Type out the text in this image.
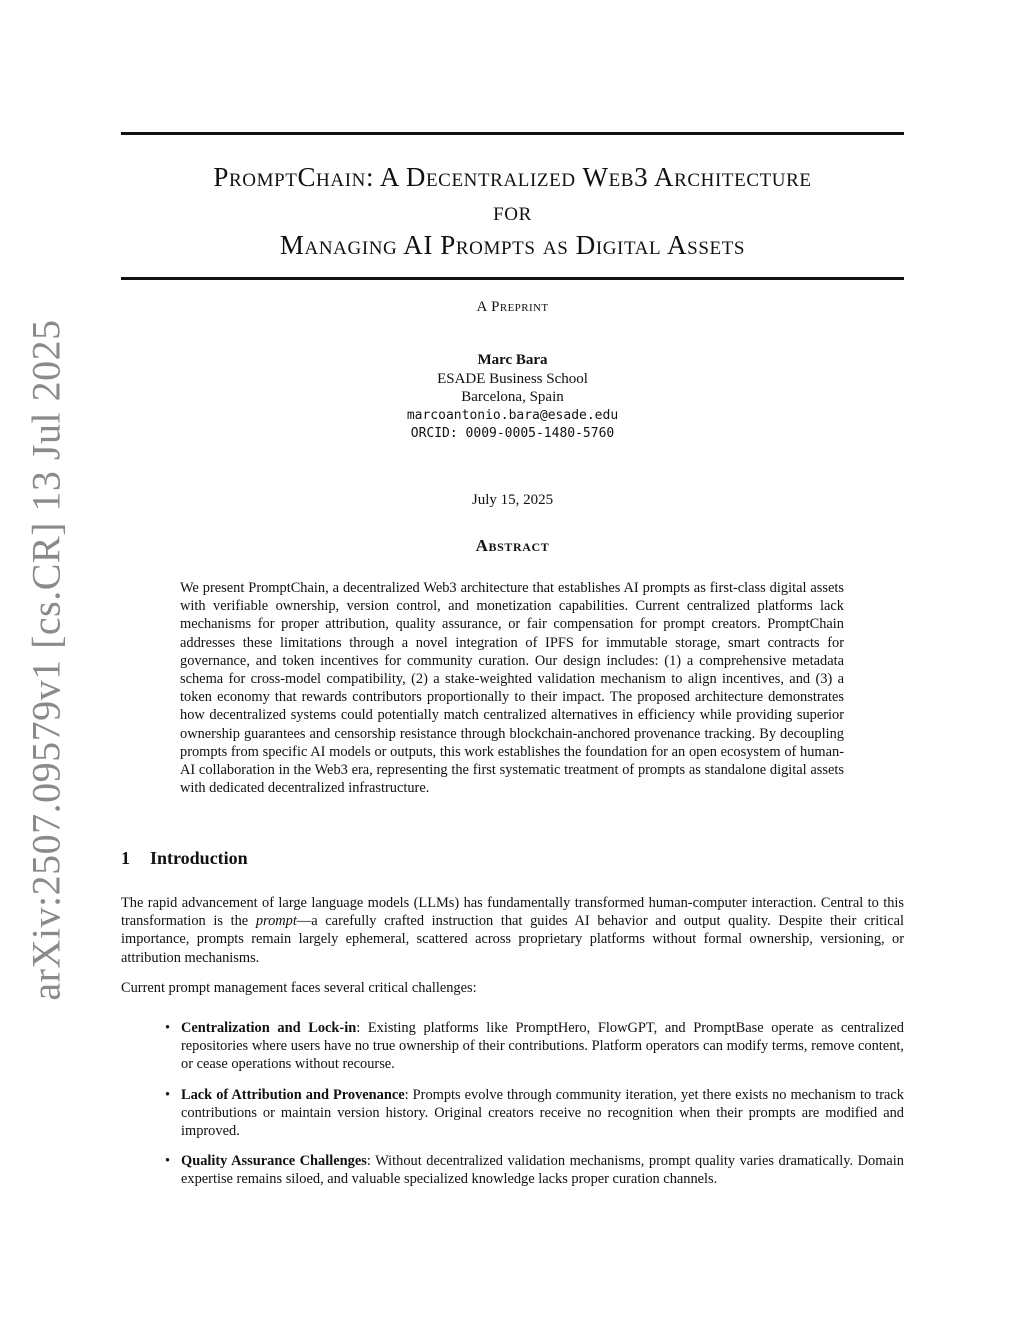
arXiv:2507.09579v1 [cs.CR] 13 Jul 2025
PromptChain: A Decentralized Web3 Architecture
for
Managing AI Prompts as Digital Assets
A Preprint
Marc Bara
ESADE Business School
Barcelona, Spain
marcoantonio.bara@esade.edu
ORCID: 0009-0005-1480-5760
July 15, 2025
Abstract

We present PromptChain, a decentralized Web3 architecture that establishes AI prompts as first-class digital assets with verifiable ownership, version control, and monetization capabilities. Current centralized platforms lack mechanisms for proper attribution, quality assurance, or fair compensation for prompt creators. PromptChain addresses these limitations through a novel integration of IPFS for immutable storage, smart contracts for governance, and token incentives for community curation. Our design includes: (1) a comprehensive metadata schema for cross-model compatibility, (2) a stake-weighted validation mechanism to align incentives, and (3) a token economy that rewards contributors proportionally to their impact. The proposed architecture demonstrates how decentralized systems could potentially match centralized alternatives in efficiency while providing superior ownership guarantees and censorship resistance through blockchain-anchored provenance tracking. By decoupling prompts from specific AI models or outputs, this work establishes the foundation for an open ecosystem of human-AI collaboration in the Web3 era, representing the first systematic treatment of prompts as standalone digital assets with dedicated decentralized infrastructure.

1 Introduction

The rapid advancement of large language models (LLMs) has fundamentally transformed human-computer interaction. Central to this transformation is the prompt—a carefully crafted instruction that guides AI behavior and output quality. Despite their critical importance, prompts remain largely ephemeral, scattered across proprietary platforms without formal ownership, versioning, or attribution mechanisms.

Current prompt management faces several critical challenges:

• Centralization and Lock-in: Existing platforms like PromptHero, FlowGPT, and PromptBase operate as centralized repositories where users have no true ownership of their contributions. Platform operators can modify terms, remove content, or cease operations without recourse.
• Lack of Attribution and Provenance: Prompts evolve through community iteration, yet there exists no mechanism to track contributions or maintain version history. Original creators receive no recognition when their prompts are modified and improved.
• Quality Assurance Challenges: Without decentralized validation mechanisms, prompt quality varies dramatically. Domain expertise remains siloed, and valuable specialized knowledge lacks proper curation channels.
